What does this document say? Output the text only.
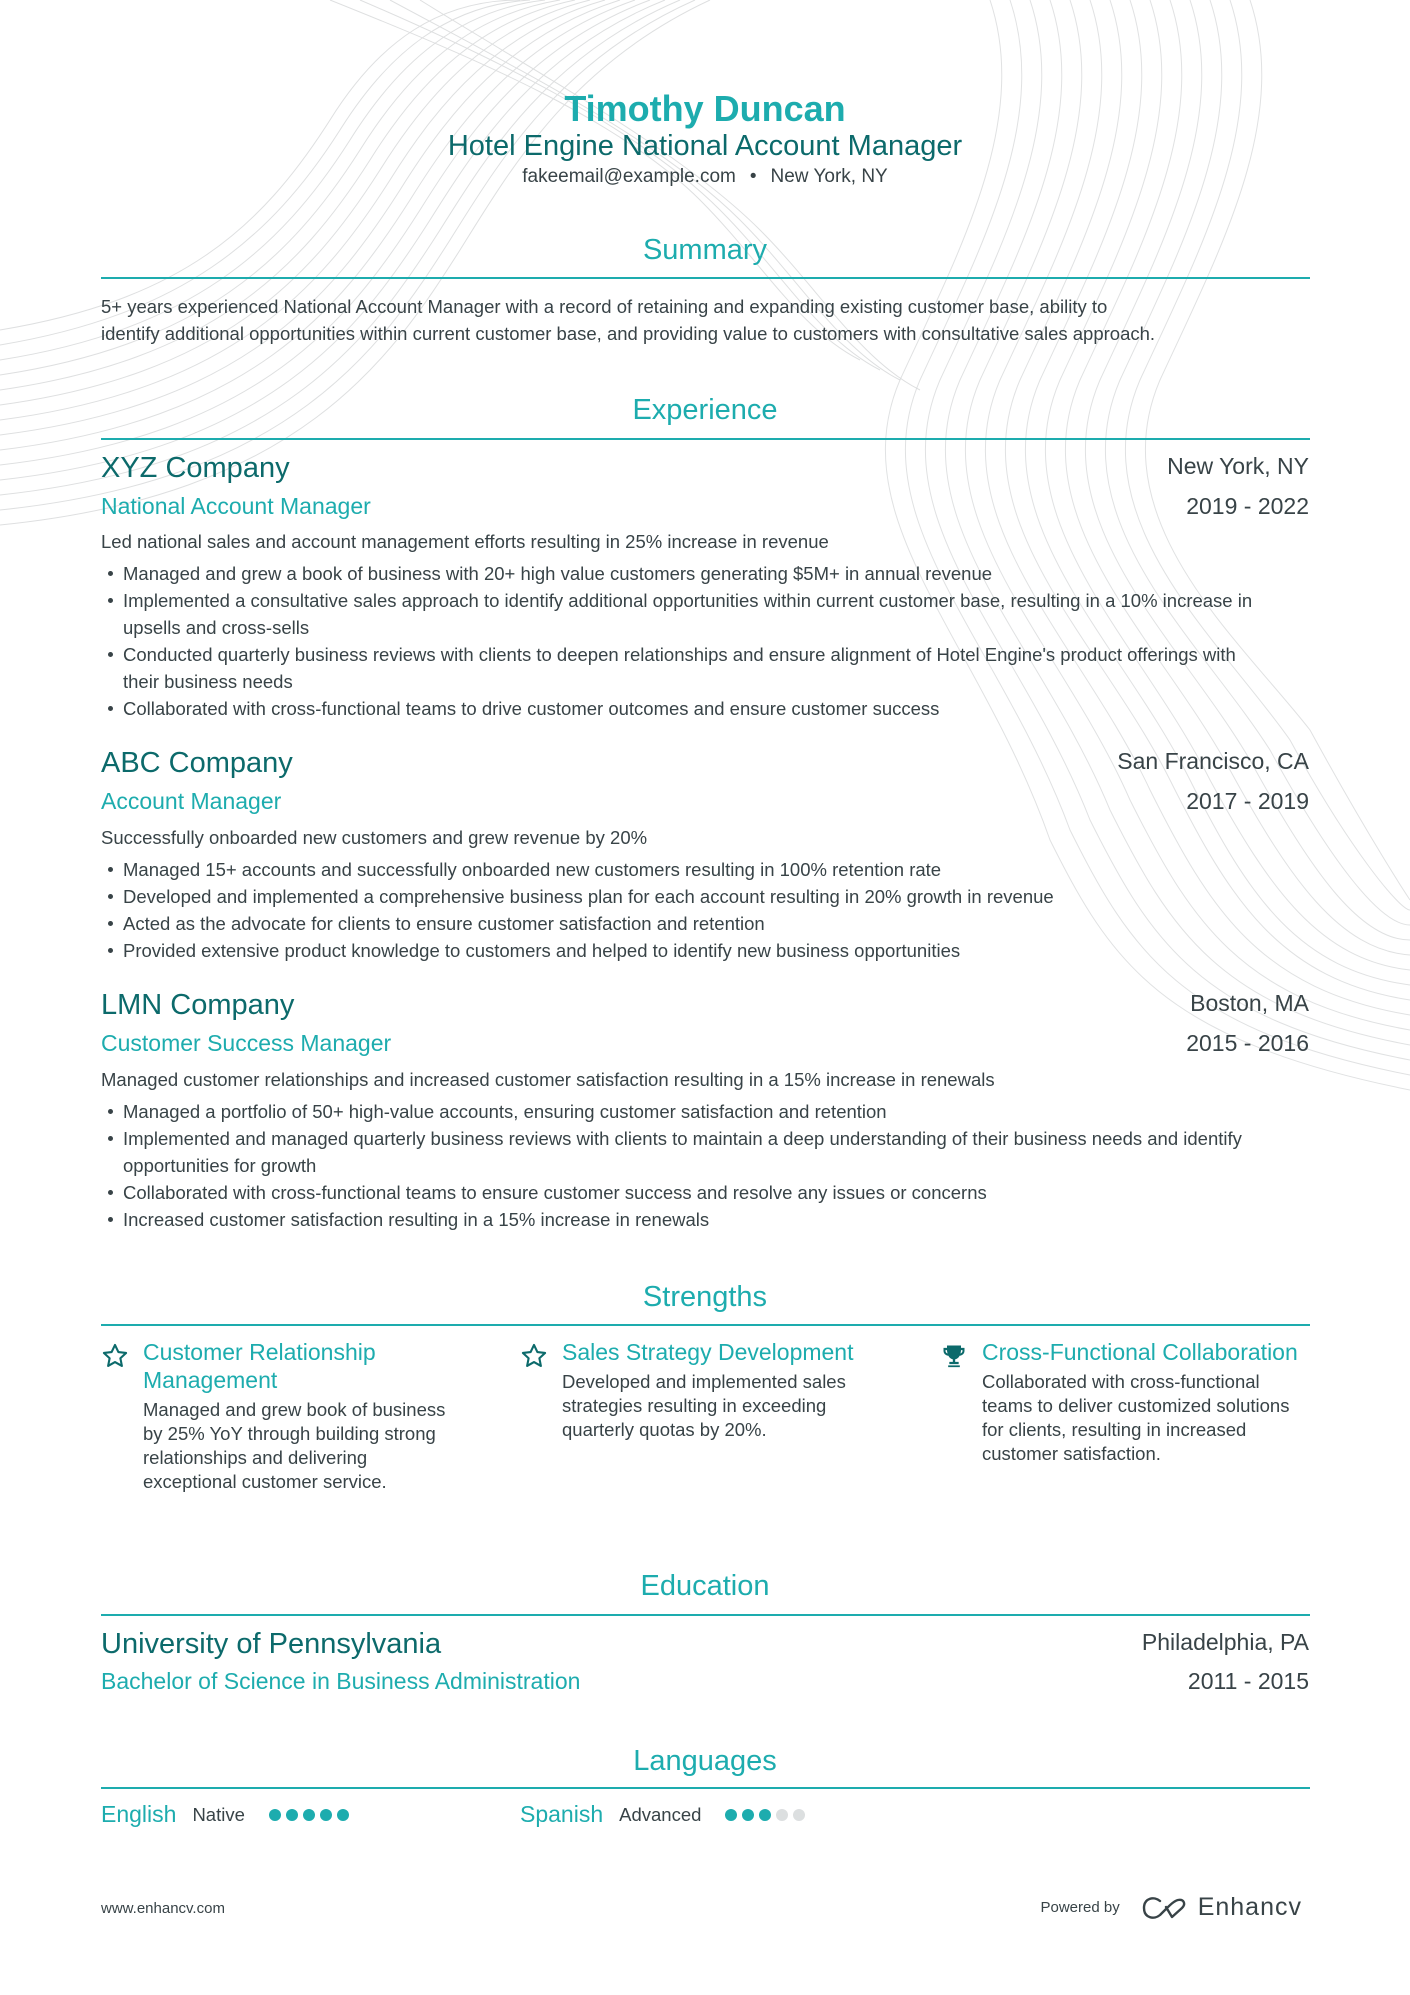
Timothy Duncan
Hotel Engine National Account Manager
fakeemail@example.com • New York, NY
Summary
5+ years experienced National Account Manager with a record of retaining and expanding existing customer base, ability to
identify additional opportunities within current customer base, and providing value to customers with consultative sales approach.
Experience
XYZ Company	New York, NY
National Account Manager	2019 - 2022
Led national sales and account management efforts resulting in 25% increase in revenue
Managed and grew a book of business with 20+ high value customers generating $5M+ in annual revenue
Implemented a consultative sales approach to identify additional opportunities within current customer base, resulting in a 10% increase in upsells and cross-sells
Conducted quarterly business reviews with clients to deepen relationships and ensure alignment of Hotel Engine's product offerings with their business needs
Collaborated with cross-functional teams to drive customer outcomes and ensure customer success
ABC Company	San Francisco, CA
Account Manager	2017 - 2019
Successfully onboarded new customers and grew revenue by 20%
Managed 15+ accounts and successfully onboarded new customers resulting in 100% retention rate
Developed and implemented a comprehensive business plan for each account resulting in 20% growth in revenue
Acted as the advocate for clients to ensure customer satisfaction and retention
Provided extensive product knowledge to customers and helped to identify new business opportunities
LMN Company	Boston, MA
Customer Success Manager	2015 - 2016
Managed customer relationships and increased customer satisfaction resulting in a 15% increase in renewals
Managed a portfolio of 50+ high-value accounts, ensuring customer satisfaction and retention
Implemented and managed quarterly business reviews with clients to maintain a deep understanding of their business needs and identify opportunities for growth
Collaborated with cross-functional teams to ensure customer success and resolve any issues or concerns
Increased customer satisfaction resulting in a 15% increase in renewals
Strengths
Customer Relationship Management
Managed and grew book of business by 25% YoY through building strong relationships and delivering exceptional customer service.
Sales Strategy Development
Developed and implemented sales strategies resulting in exceeding quarterly quotas by 20%.
Cross-Functional Collaboration
Collaborated with cross-functional teams to deliver customized solutions for clients, resulting in increased customer satisfaction.
Education
University of Pennsylvania	Philadelphia, PA
Bachelor of Science in Business Administration	2011 - 2015
Languages
English Native	Spanish Advanced
www.enhancv.com	Powered by	Enhancv
